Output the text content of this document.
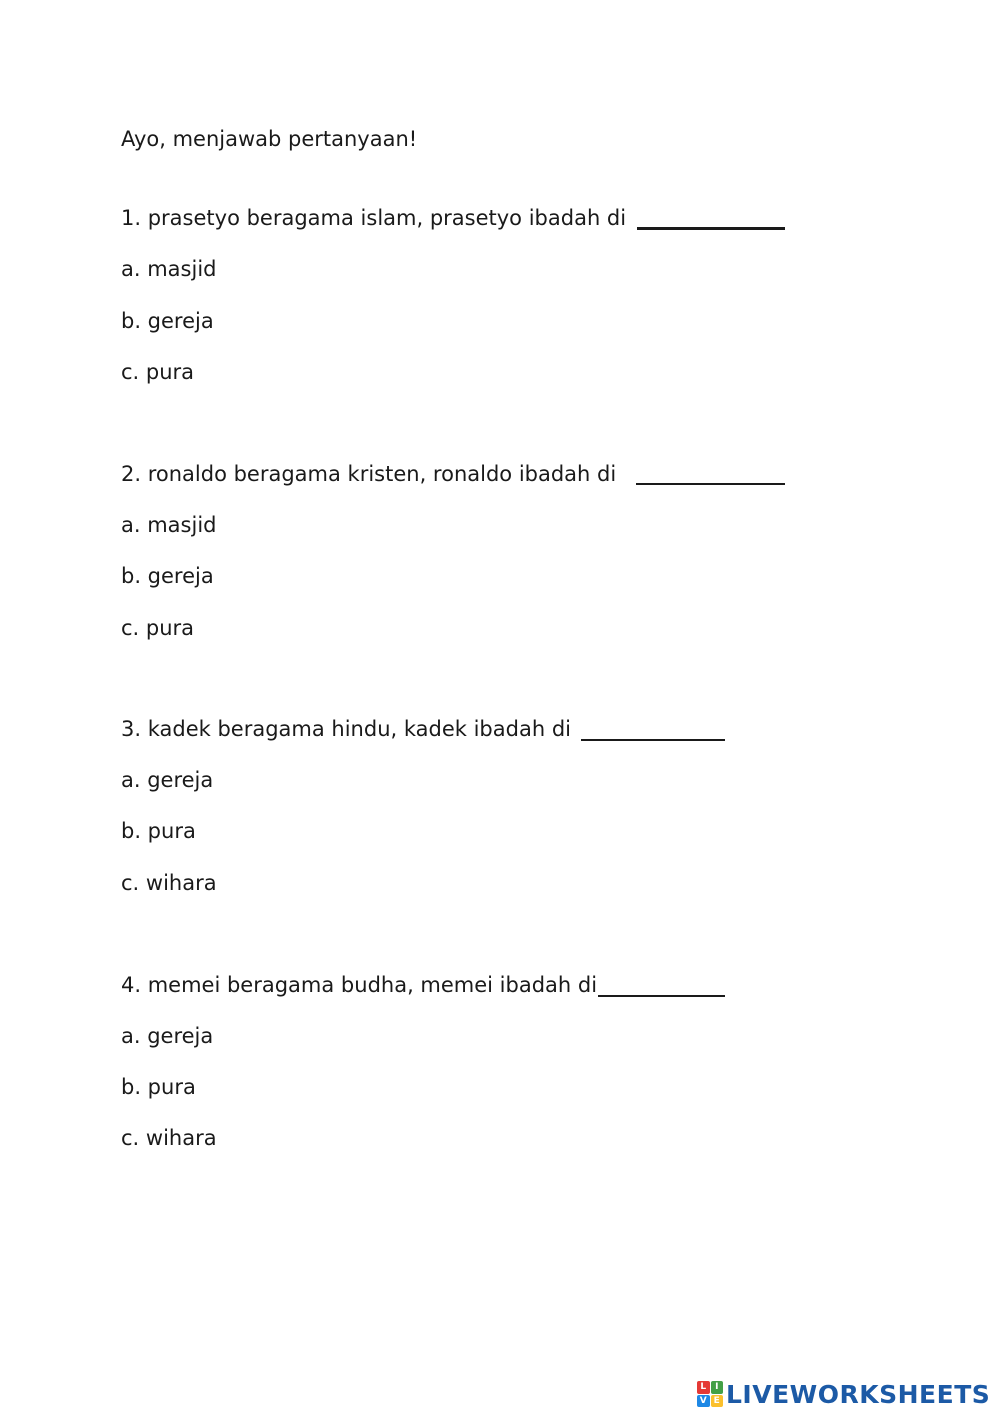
Ayo, menjawab pertanyaan!
1. prasetyo beragama islam, prasetyo ibadah di
a. masjid
b. gereja
c. pura
2. ronaldo beragama kristen, ronaldo ibadah di
a. masjid
b. gereja
c. pura
3. kadek beragama hindu, kadek ibadah di
a. gereja
b. pura
c. wihara
4. memei beragama budha, memei ibadah di
a. gereja
b. pura
c. wihara
L I
V E LIVEWORKSHEETS
